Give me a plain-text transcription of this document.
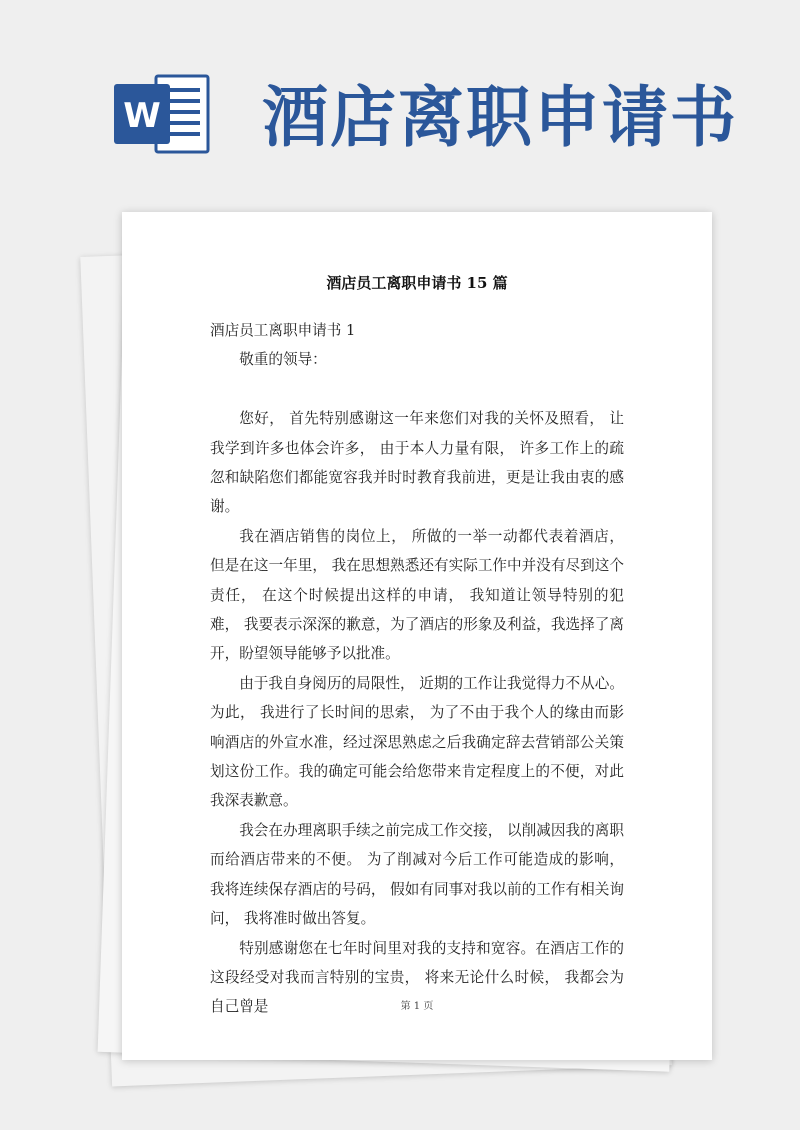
W 酒店离职申请书
酒店员工离职申请书 15 篇

酒店员工离职申请书 1

敬重的领导：

您好， 首先特别感谢这一年来您们对我的关怀及照看， 让我学到许多也体会许多， 由于本人力量有限， 许多工作上的疏忽和缺陷您们都能宽容我并时时教育我前进，更是让我由衷的感谢。

我在酒店销售的岗位上， 所做的一举一动都代表着酒店， 但是在这一年里， 我在思想熟悉还有实际工作中并没有尽到这个责任， 在这个时候提出这样的申请， 我知道让领导特别的犯难， 我要表示深深的歉意，为了酒店的形象及利益，我选择了离开，盼望领导能够予以批准。

由于我自身阅历的局限性， 近期的工作让我觉得力不从心。 为此， 我进行了长时间的思索， 为了不由于我个人的缘由而影响酒店的外宣水准，经过深思熟虑之后我确定辞去营销部公关策划这份工作。我的确定可能会给您带来肯定程度上的不便，对此我深表歉意。

我会在办理离职手续之前完成工作交接， 以削减因我的离职而给酒店带来的不便。 为了削减对今后工作可能造成的影响， 我将连续保存酒店的号码， 假如有同事对我以前的工作有相关询问， 我将准时做出答复。

特别感谢您在七年时间里对我的支持和宽容。在酒店工作的这段经受对我而言特别的宝贵， 将来无论什么时候， 我都会为自己曾是	第 1 页
